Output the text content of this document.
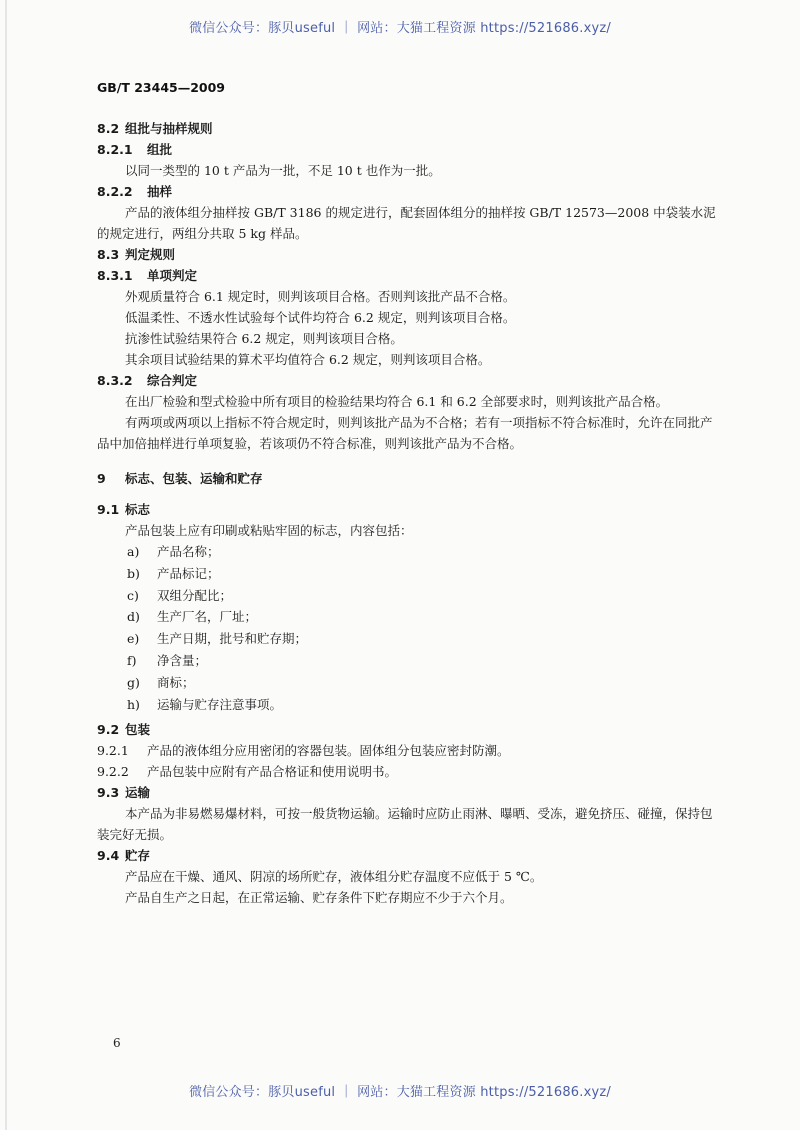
微信公众号：豚贝useful ｜ 网站：大猫工程资源 https://521686.xyz/
GB/T 23445—2009
8.2 组批与抽样规则
8.2.1 组批
以同一类型的 10 t 产品为一批，不足 10 t 也作为一批。
8.2.2 抽样
产品的液体组分抽样按 GB/T 3186 的规定进行，配套固体组分的抽样按 GB/T 12573—2008 中袋装水泥的规定进行，两组分共取 5 kg 样品。
8.3 判定规则
8.3.1 单项判定
外观质量符合 6.1 规定时，则判该项目合格。否则判该批产品不合格。
低温柔性、不透水性试验每个试件均符合 6.2 规定，则判该项目合格。
抗渗性试验结果符合 6.2 规定，则判该项目合格。
其余项目试验结果的算术平均值符合 6.2 规定，则判该项目合格。
8.3.2 综合判定
在出厂检验和型式检验中所有项目的检验结果均符合 6.1 和 6.2 全部要求时，则判该批产品合格。
有两项或两项以上指标不符合规定时，则判该批产品为不合格；若有一项指标不符合标准时，允许在同批产品中加倍抽样进行单项复验，若该项仍不符合标准，则判该批产品为不合格。
9 标志、包装、运输和贮存
9.1 标志
产品包装上应有印刷或粘贴牢固的标志，内容包括：
a) 产品名称；
b) 产品标记；
c) 双组分配比；
d) 生产厂名，厂址；
e) 生产日期，批号和贮存期；
f) 净含量；
g) 商标；
h) 运输与贮存注意事项。
9.2 包装
9.2.1 产品的液体组分应用密闭的容器包装。固体组分包装应密封防潮。
9.2.2 产品包装中应附有产品合格证和使用说明书。
9.3 运输
本产品为非易燃易爆材料，可按一般货物运输。运输时应防止雨淋、曝晒、受冻，避免挤压、碰撞，保持包装完好无损。
9.4 贮存
产品应在干燥、通风、阴凉的场所贮存，液体组分贮存温度不应低于 5 ℃。
产品自生产之日起，在正常运输、贮存条件下贮存期应不少于六个月。
6
微信公众号：豚贝useful ｜ 网站：大猫工程资源 https://521686.xyz/
